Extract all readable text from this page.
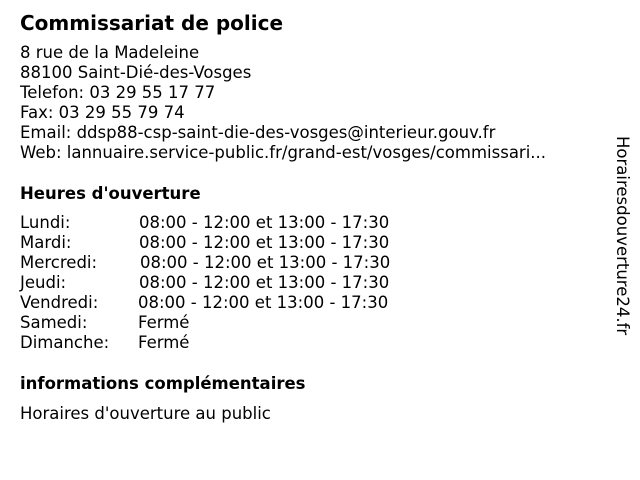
Commissariat de police
8 rue de la Madeleine
88100 Saint-Dié-des-Vosges
Telefon: 03 29 55 17 77
Fax: 03 29 55 79 74
Email: ddsp88-csp-saint-die-des-vosges@interieur.gouv.fr
Web: lannuaire.service-public.fr/grand-est/vosges/commissari...
Heures d'ouverture
Lundi:	08:00 - 12:00 et 13:00 - 17:30
Mardi:	08:00 - 12:00 et 13:00 - 17:30
Mercredi:	08:00 - 12:00 et 13:00 - 17:30
Jeudi:	08:00 - 12:00 et 13:00 - 17:30
Vendredi: 08:00 - 12:00 et 13:00 - 17:30
Samedi:	Fermé
Dimanche: Fermé
informations complémentaires
Horaires d'ouverture au public
Horairesdouverture24.fr
